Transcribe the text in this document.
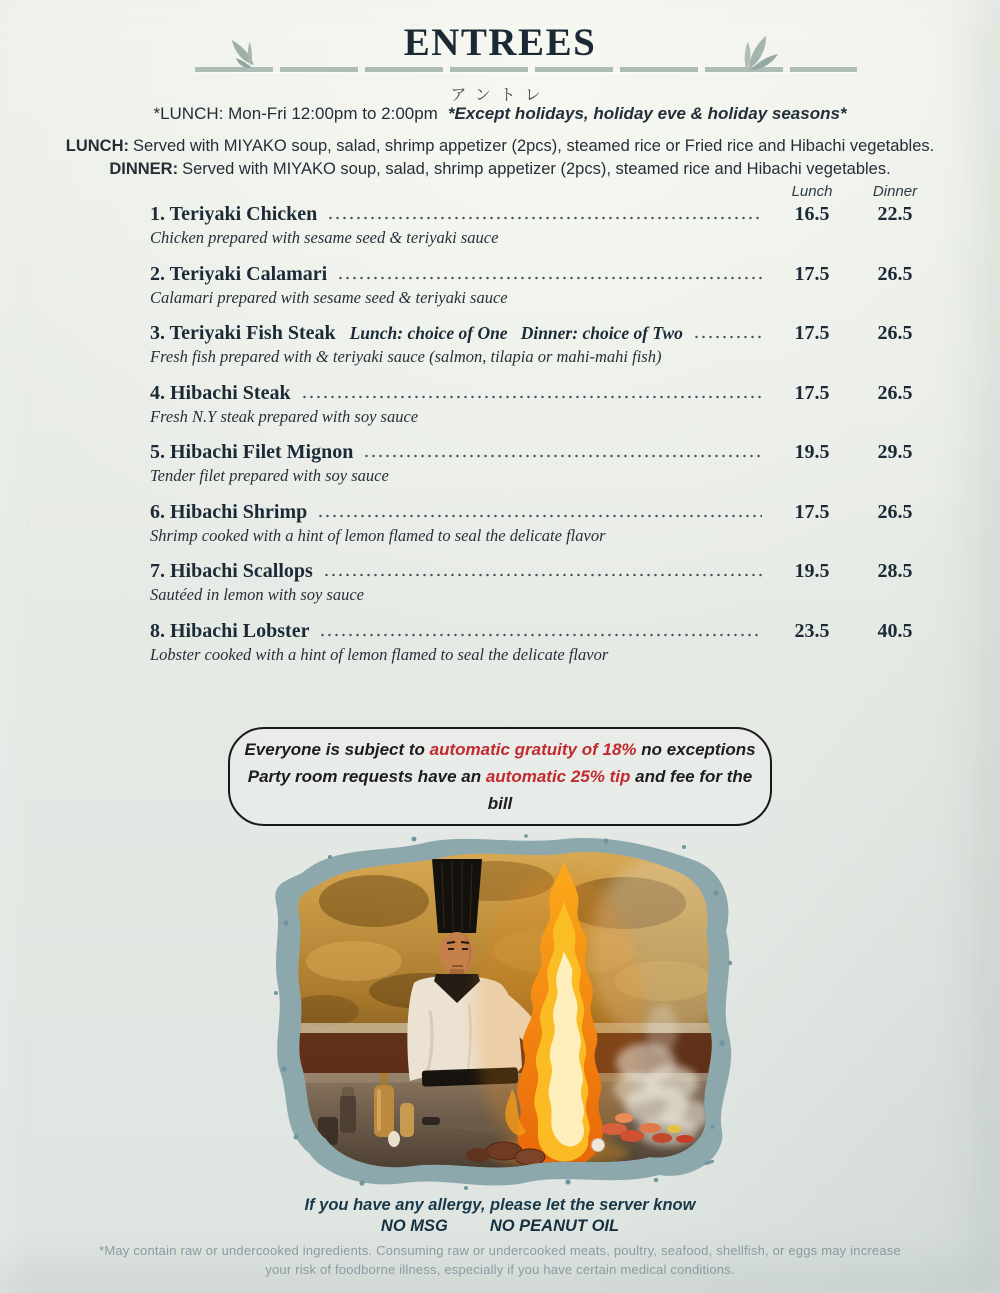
ENTREES
アントレ
*LUNCH: Mon-Fri 12:00pm to 2:00pm *Except holidays, holiday eve & holiday seasons*
LUNCH: Served with MIYAKO soup, salad, shrimp appetizer (2pcs), steamed rice or Fried rice and Hibachi vegetables.
DINNER: Served with MIYAKO soup, salad, shrimp appetizer (2pcs), steamed rice and Hibachi vegetables.
Lunch	Dinner
1. Teriyaki Chicken	16.5	22.5
Chicken prepared with sesame seed & teriyaki sauce
2. Teriyaki Calamari	17.5	26.5
Calamari prepared with sesame seed & teriyaki sauce
3. Teriyaki Fish Steak Lunch: choice of One   Dinner: choice of Two	17.5	26.5
Fresh fish prepared with & teriyaki sauce (salmon, tilapia or mahi-mahi fish)
4. Hibachi Steak	17.5	26.5
Fresh N.Y steak prepared with soy sauce
5. Hibachi Filet Mignon	19.5	29.5
Tender filet prepared with soy sauce
6. Hibachi Shrimp	17.5	26.5
Shrimp cooked with a hint of lemon flamed to seal the delicate flavor
7. Hibachi Scallops	19.5	28.5
Sautéed in lemon with soy sauce
8. Hibachi Lobster	23.5	40.5
Lobster cooked with a hint of lemon flamed to seal the delicate flavor

Everyone is subject to automatic gratuity of 18% no exceptions

Party room requests have an automatic 25% tip and fee for the bill

If you have any allergy, please let the server know

NO MSG	NO PEANUT OIL

*May contain raw or undercooked ingredients. Consuming raw or undercooked meats, poultry, seafood, shellfish, or eggs may increase your risk of foodborne illness, especially if you have certain medical conditions.
